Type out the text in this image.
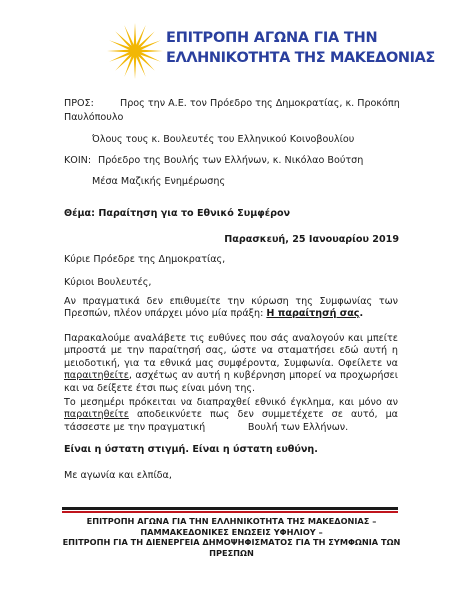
ΕΠΙΤΡΟΠΗ ΑΓΩΝΑ ΓΙΑ ΤΗΝ
ΕΛΛΗΝΙΚΟΤΗΤΑ ΤΗΣ ΜΑΚΕΔΟΝΙΑΣ
ΠΡΟΣ:	Προς την Α.Ε. τον Πρόεδρο της Δημοκρατίας, κ. Προκόπη
Παυλόπουλο
Όλους τους κ. Βουλευτές του Ελληνικού Κοινοβουλίου
ΚΟΙΝ: Πρόεδρο της Βουλής των Ελλήνων, κ. Νικόλαο Βούτση
Μέσα Μαζικής Ενημέρωσης
Θέμα: Παραίτηση για το Εθνικό Συμφέρον
Παρασκευή, 25 Ιανουαρίου 2019
Κύριε Πρόεδρε της Δημοκρατίας,
Κύριοι Βουλευτές,
Αν πραγματικά δεν επιθυμείτε την κύρωση της Συμφωνίας των Πρεσπών, πλέον υπάρχει μόνο μία πράξη: Η παραίτησή σας.
Παρακαλούμε αναλάβετε τις ευθύνες που σάς αναλογούν και μπείτε μπροστά με την παραίτησή σας, ώστε να σταματήσει εδώ αυτή η μειοδοτική, για τα εθνικά μας συμφέροντα, Συμφωνία. Οφείλετε να παραιτηθείτε, ασχέτως αν αυτή η κυβέρνηση μπορεί να προχωρήσει και να δείξετε έτσι πως είναι μόνη της.
Το μεσημέρι πρόκειται να διαπραχθεί εθνικό έγκλημα, και μόνο αν παραιτηθείτε αποδεικνύετε πως δεν συμμετέχετε σε αυτό, μα τάσσεστε με την πραγματική              Βουλή των Ελλήνων.
Είναι η ύστατη στιγμή. Είναι η ύστατη ευθύνη.
Με αγωνία και ελπίδα,
ΕΠΙΤΡΟΠΗ ΑΓΩΝΑ ΓΙΑ ΤΗΝ ΕΛΛΗΝΙΚΟΤΗΤΑ ΤΗΣ ΜΑΚΕΔΟΝΙΑΣ –
ΠΑΜΜΑΚΕΔΟΝΙΚΕΣ ΕΝΩΣΕΙΣ ΥΦΗΛΙΟΥ –
ΕΠΙΤΡΟΠΗ ΓΙΑ ΤΗ ΔΙΕΝΕΡΓΕΙΑ ΔΗΜΟΨΗΦΙΣΜΑΤΟΣ ΓΙΑ ΤΗ ΣΥΜΦΩΝΙΑ ΤΩΝ
ΠΡΕΣΠΩΝ
